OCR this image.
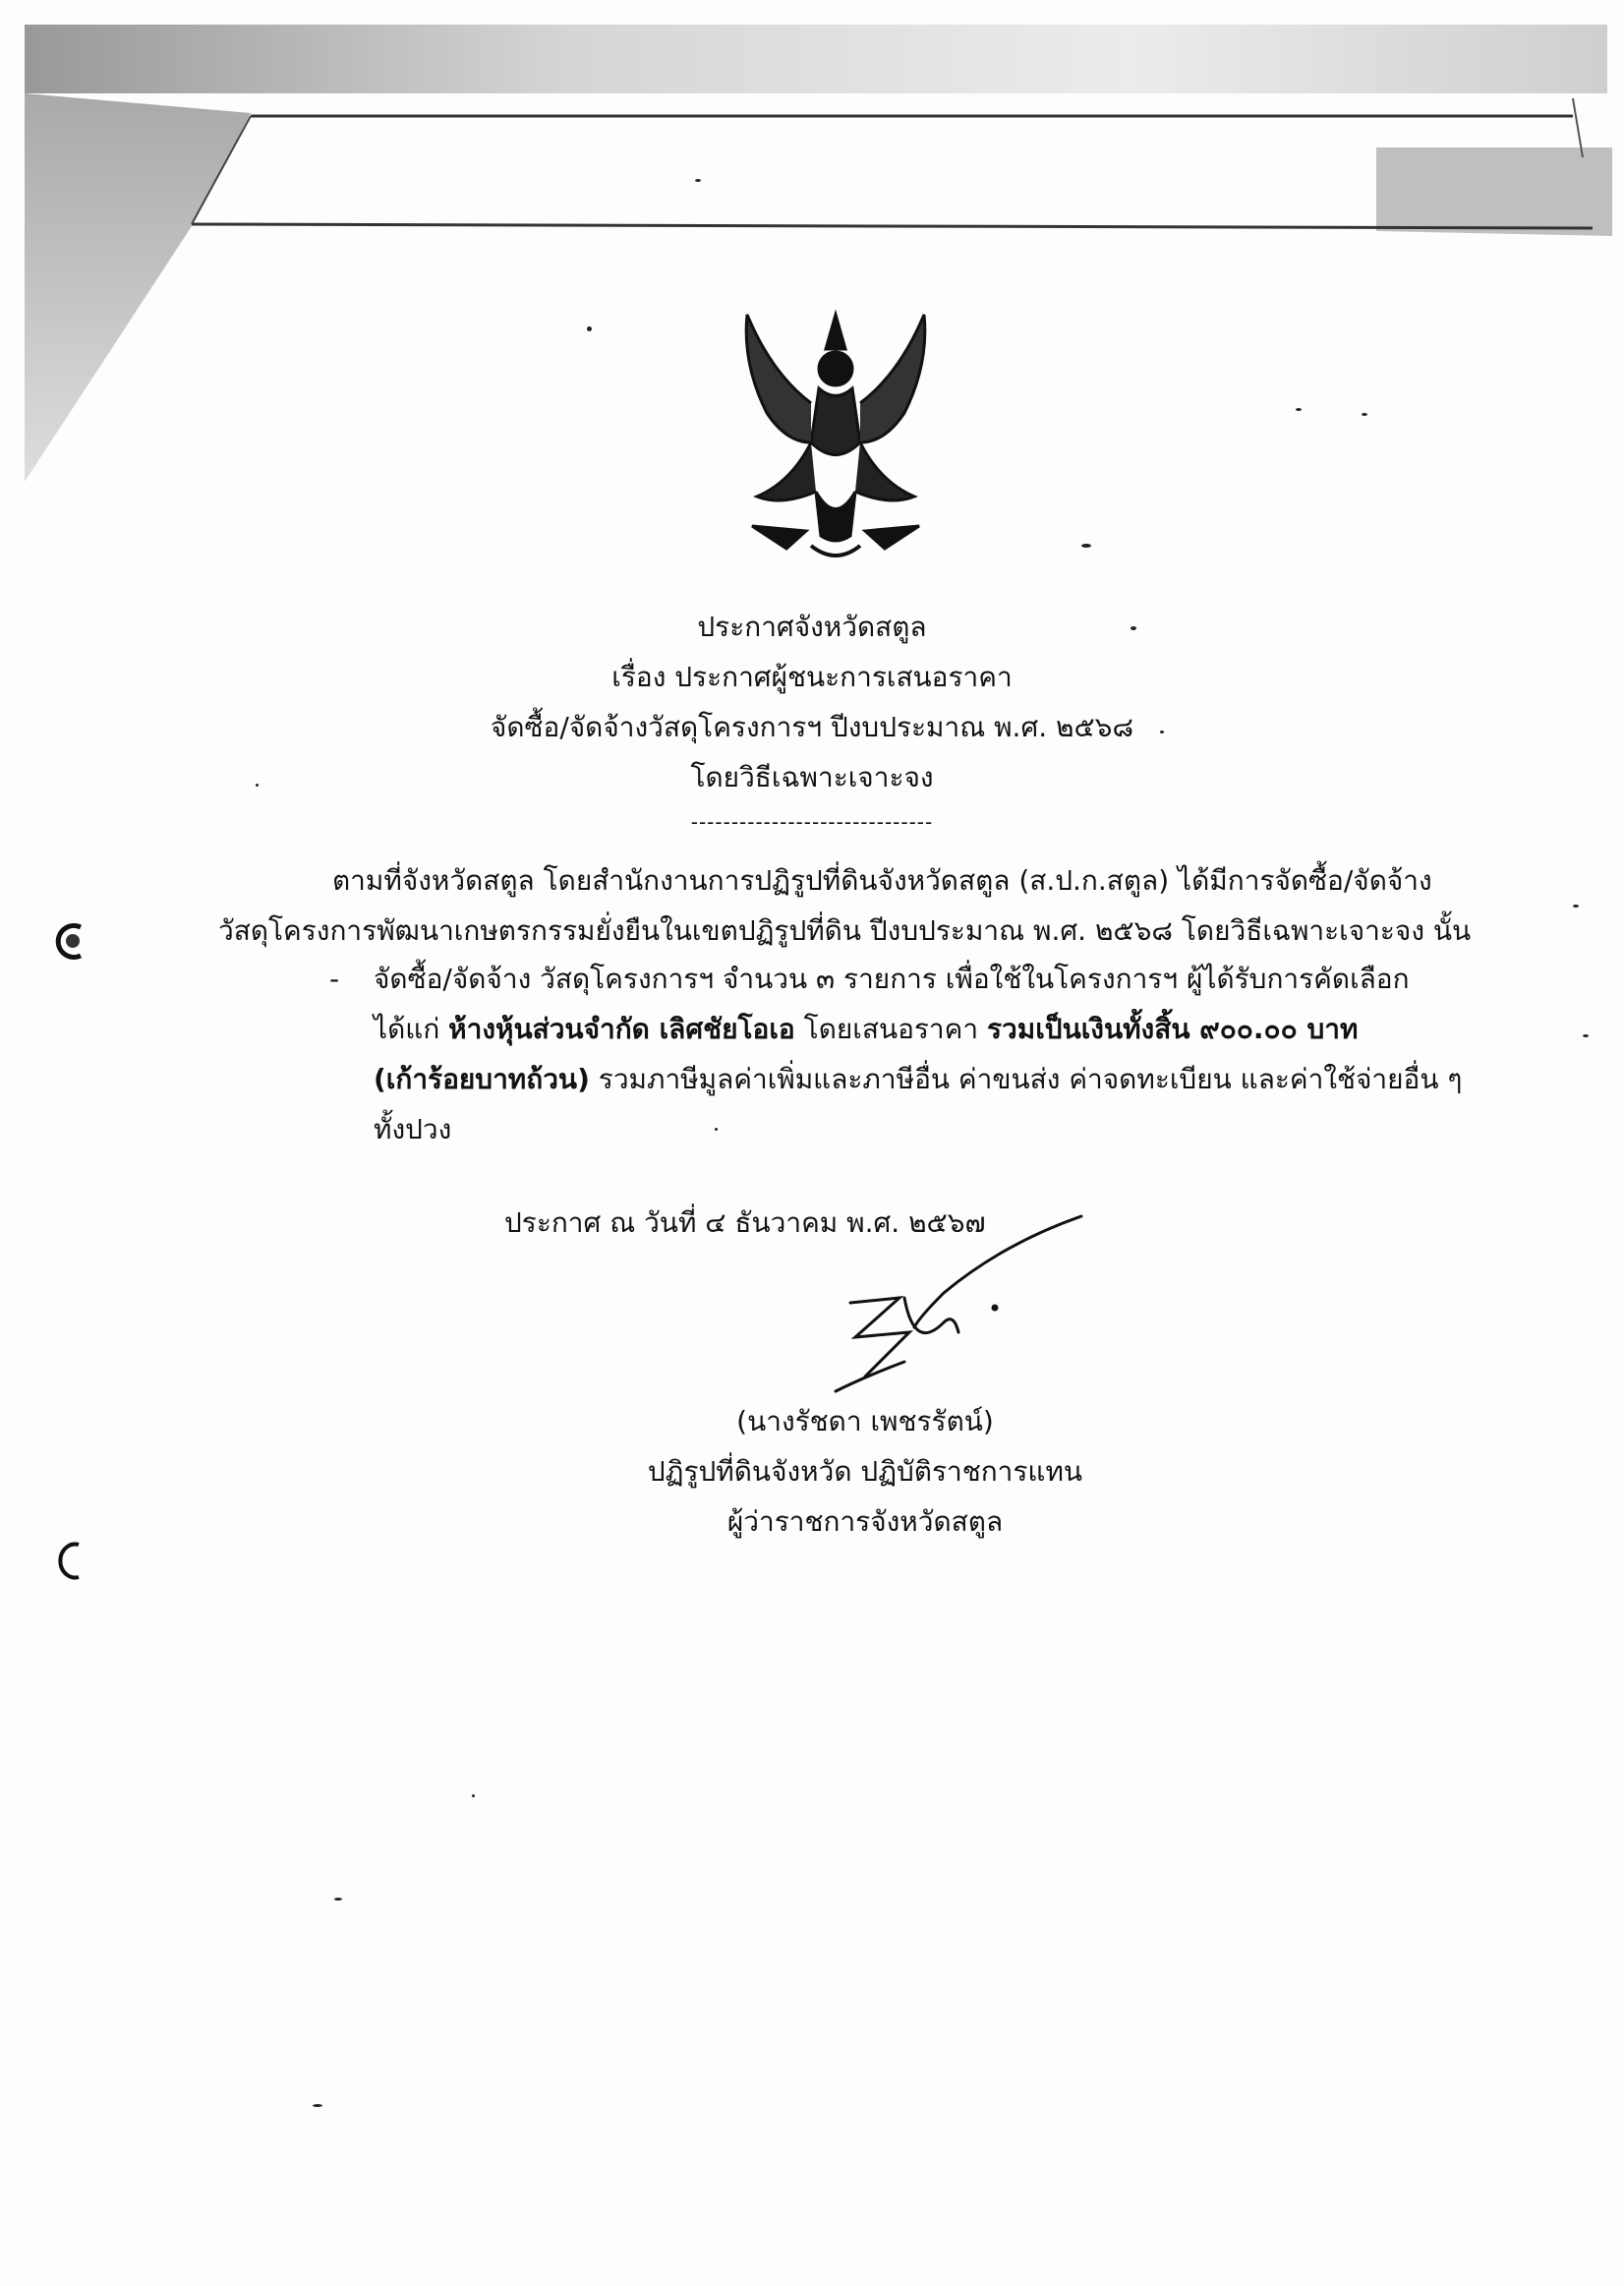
ประกาศจังหวัดสตูล
เรื่อง ประกาศผู้ชนะการเสนอราคา
จัดซื้อ/จัดจ้างวัสดุโครงการฯ ปีงบประมาณ พ.ศ. ๒๕๖๘
โดยวิธีเฉพาะเจาะจง
------------------------------
ตามที่จังหวัดสตูล โดยสำนักงานการปฏิรูปที่ดินจังหวัดสตูล (ส.ป.ก.สตูล) ได้มีการจัดซื้อ/จัดจ้าง
วัสดุโครงการพัฒนาเกษตรกรรมยั่งยืนในเขตปฏิรูปที่ดิน ปีงบประมาณ พ.ศ. ๒๕๖๘ โดยวิธีเฉพาะเจาะจง นั้น
- จัดซื้อ/จัดจ้าง วัสดุโครงการฯ จำนวน ๓ รายการ เพื่อใช้ในโครงการฯ ผู้ได้รับการคัดเลือก
ได้แก่ ห้างหุ้นส่วนจำกัด เลิศชัยโอเอ โดยเสนอราคา รวมเป็นเงินทั้งสิ้น ๙๐๐.๐๐ บาท
(เก้าร้อยบาทถ้วน) รวมภาษีมูลค่าเพิ่มและภาษีอื่น ค่าขนส่ง ค่าจดทะเบียน และค่าใช้จ่ายอื่น ๆ
ทั้งปวง
ประกาศ ณ วันที่ ๔ ธันวาคม พ.ศ. ๒๕๖๗
(นางรัชดา เพชรรัตน์)
ปฏิรูปที่ดินจังหวัด ปฏิบัติราชการแทน
ผู้ว่าราชการจังหวัดสตูล
